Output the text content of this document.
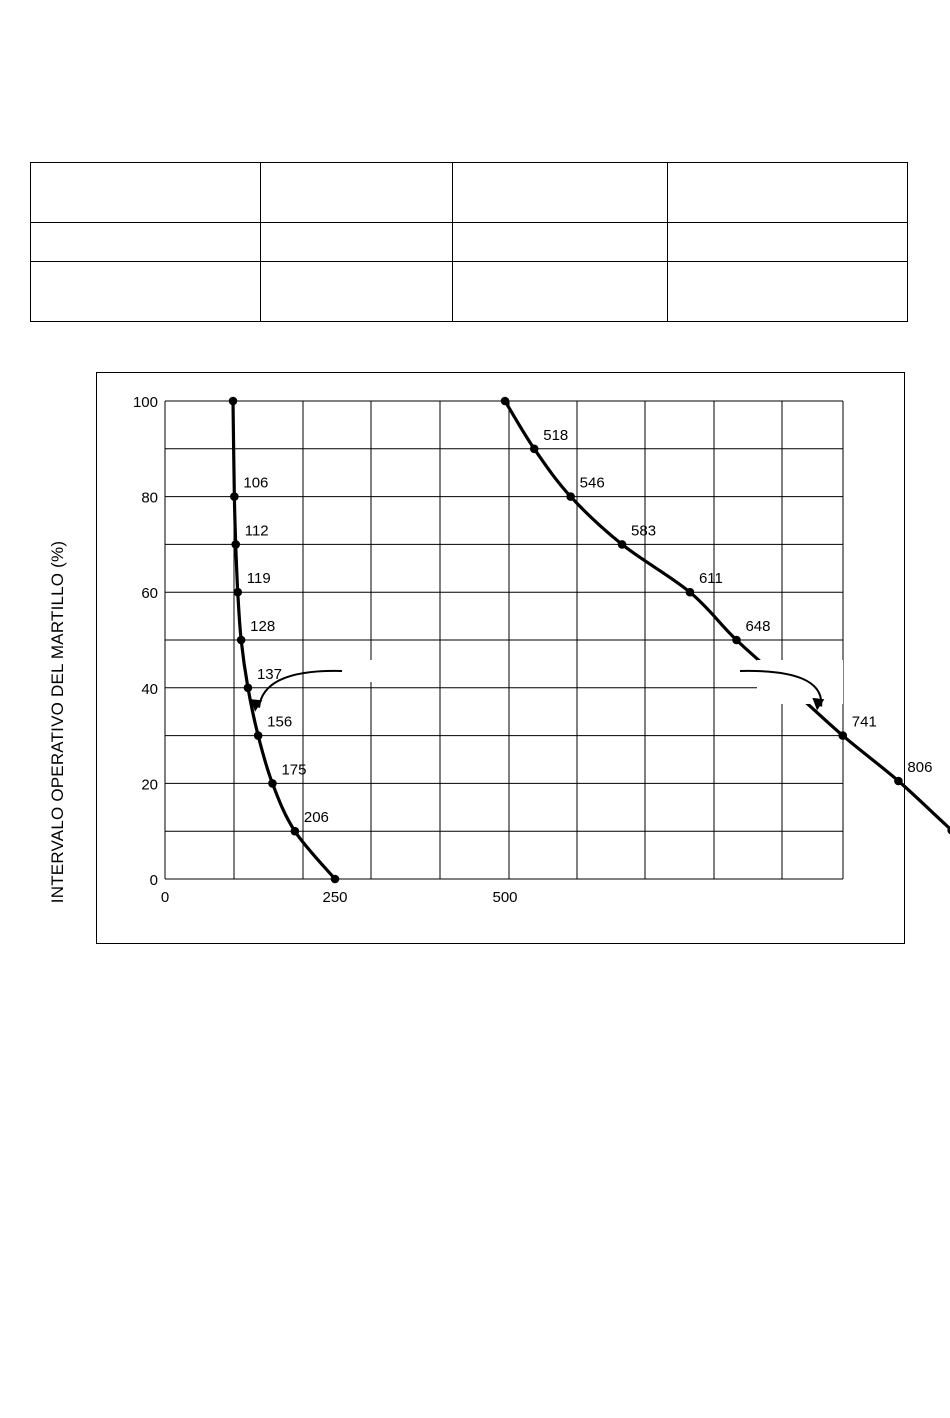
INTERVALO OPERATIVO DEL MARTILLO (%)	0
20
40
60
80
100
0	250	500
106
112
119
128
137
156
175
206
518
546
583
611
648
741
806
